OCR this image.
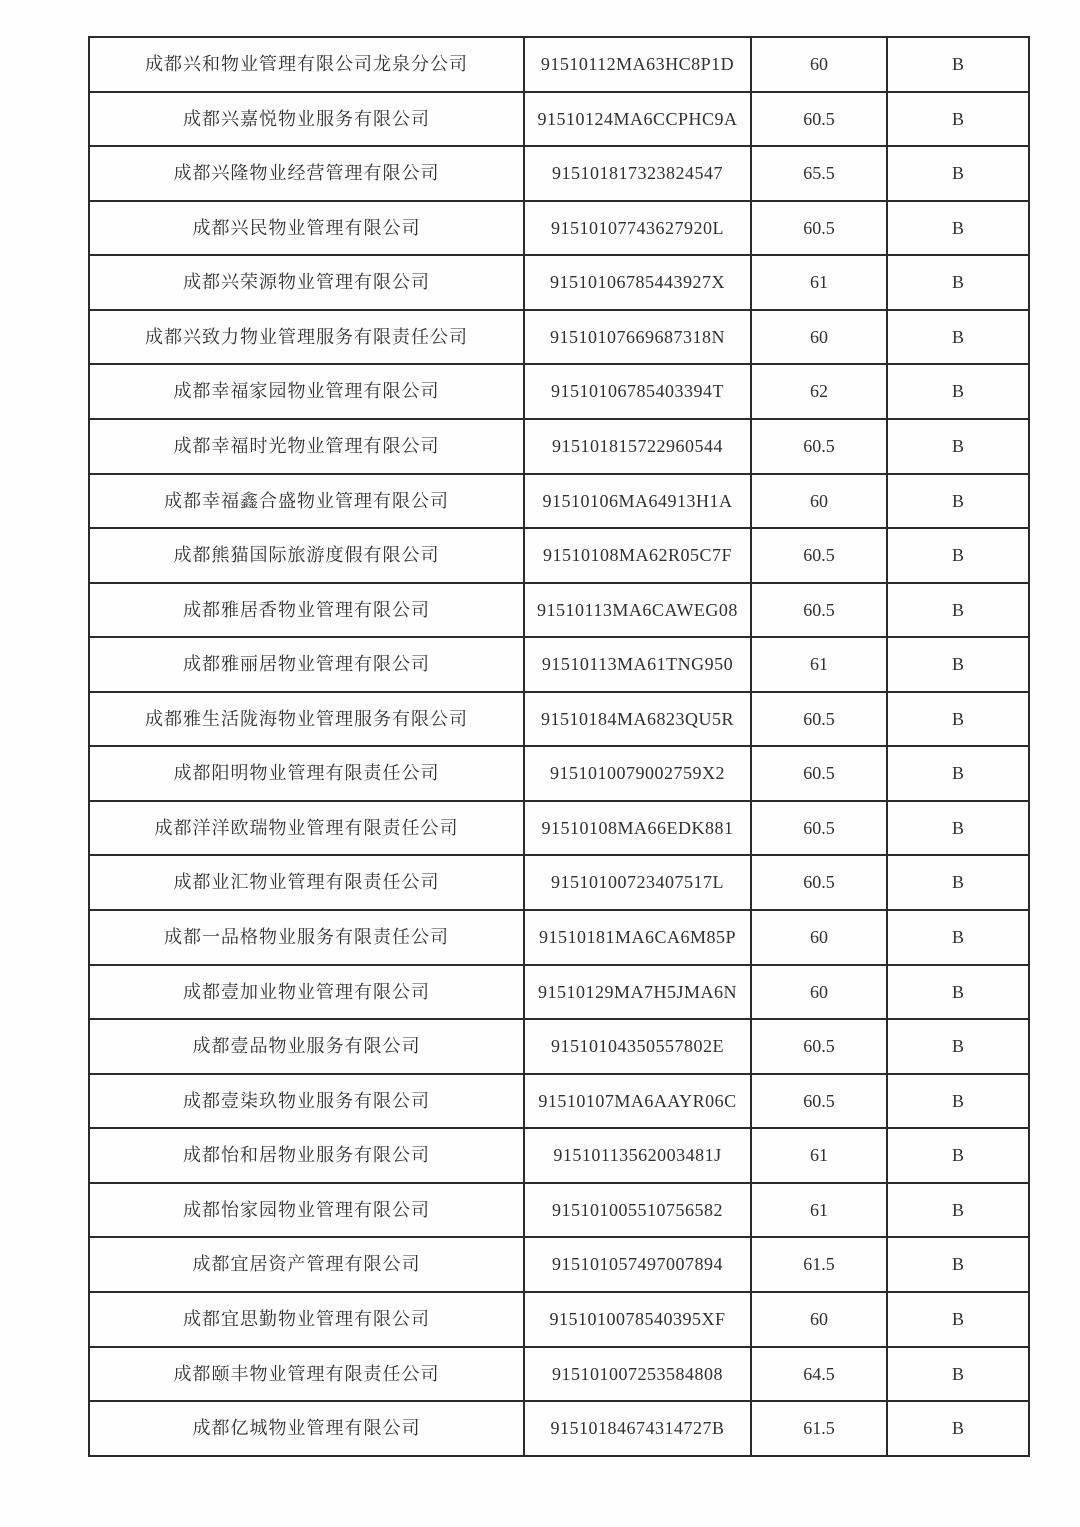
成都兴和物业管理有限公司龙泉分公司	91510112MA63HC8P1D	60	B
成都兴嘉悦物业服务有限公司	91510124MA6CCPHC9A	60.5	B
成都兴隆物业经营管理有限公司	915101817323824547	65.5	B
成都兴民物业管理有限公司	91510107743627920L	60.5	B
成都兴荣源物业管理有限公司	91510106785443927X	61	B
成都兴致力物业管理服务有限责任公司	91510107669687318N	60	B
成都幸福家园物业管理有限公司	91510106785403394T	62	B
成都幸福时光物业管理有限公司	915101815722960544	60.5	B
成都幸福鑫合盛物业管理有限公司	91510106MA64913H1A	60	B
成都熊猫国际旅游度假有限公司	91510108MA62R05C7F	60.5	B
成都雅居香物业管理有限公司	91510113MA6CAWEG08	60.5	B
成都雅丽居物业管理有限公司	91510113MA61TNG950	61	B
成都雅生活陇海物业管理服务有限公司	91510184MA6823QU5R	60.5	B
成都阳明物业管理有限责任公司	9151010079002759X2	60.5	B
成都洋洋欧瑞物业管理有限责任公司	91510108MA66EDK881	60.5	B
成都业汇物业管理有限责任公司	91510100723407517L	60.5	B
成都一品格物业服务有限责任公司	91510181MA6CA6M85P	60	B
成都壹加业物业管理有限公司	91510129MA7H5JMA6N	60	B
成都壹品物业服务有限公司	91510104350557802E	60.5	B
成都壹柒玖物业服务有限公司	91510107MA6AAYR06C	60.5	B
成都怡和居物业服务有限公司	91510113562003481J	61	B
成都怡家园物业管理有限公司	915101005510756582	61	B
成都宜居资产管理有限公司	915101057497007894	61.5	B
成都宜思勤物业管理有限公司	9151010078540395XF	60	B
成都颐丰物业管理有限责任公司	915101007253584808	64.5	B
成都亿城物业管理有限公司	91510184674314727B	61.5	B
